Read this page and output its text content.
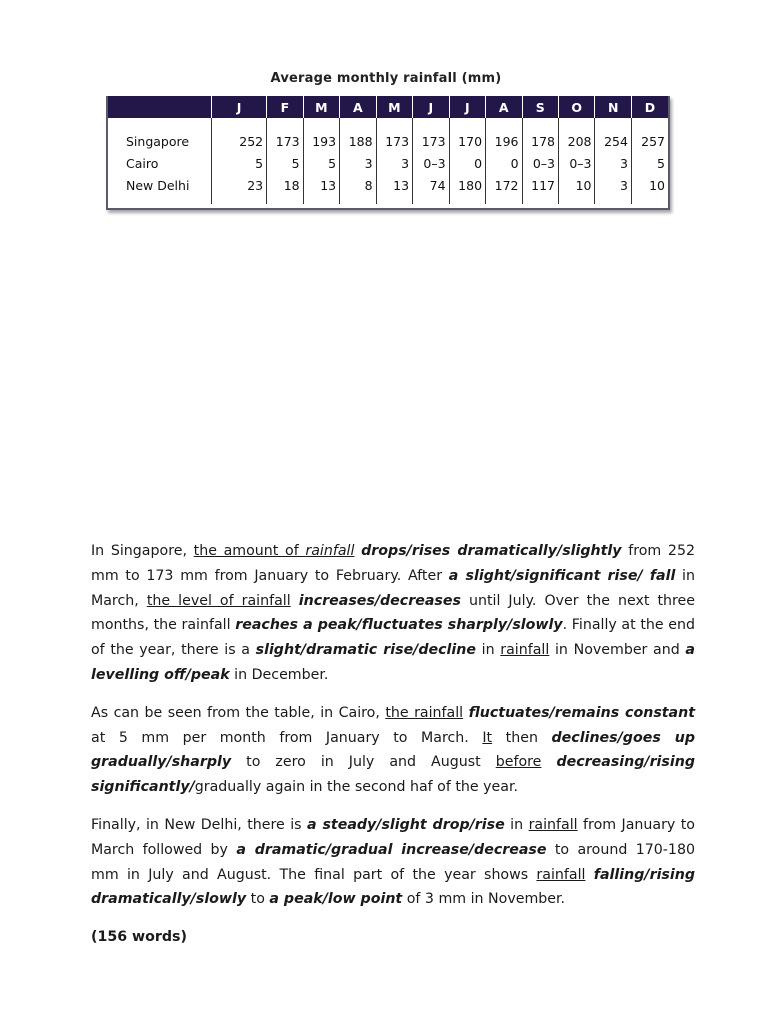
Average monthly rainfall (mm)
	J	F	M	A	M	J	J	A	S	O	N	D
Singapore	252	173	193	188	173	173	170	196	178	208	254	257
Cairo	5	5	5	3	3	0–3	0	0	0–3	0–3	3	5
New Delhi	23	18	13	8	13	74	180	172	117	10	3	10

In Singapore, the amount of rainfall drops/rises dramatically/slightly from 252 mm to 173 mm from January to February. After a slight/significant rise/ fall in March, the level of rainfall increases/decreases until July. Over the next three months, the rainfall reaches a peak/fluctuates sharply/slowly. Finally at the end of the year, there is a slight/dramatic rise/decline in rainfall in November and a levelling off/peak in December.

As can be seen from the table, in Cairo, the rainfall fluctuates/remains constant at 5 mm per month from January to March. It then declines/goes up gradually/sharply to zero in July and August before decreasing/rising significantly/gradually again in the second haf of the year.

Finally, in New Delhi, there is a steady/slight drop/rise in rainfall from January to March followed by a dramatic/gradual increase/decrease to around 170-180 mm in July and August. The final part of the year shows rainfall falling/rising dramatically/slowly to a peak/low point of 3 mm in November.

(156 words)
